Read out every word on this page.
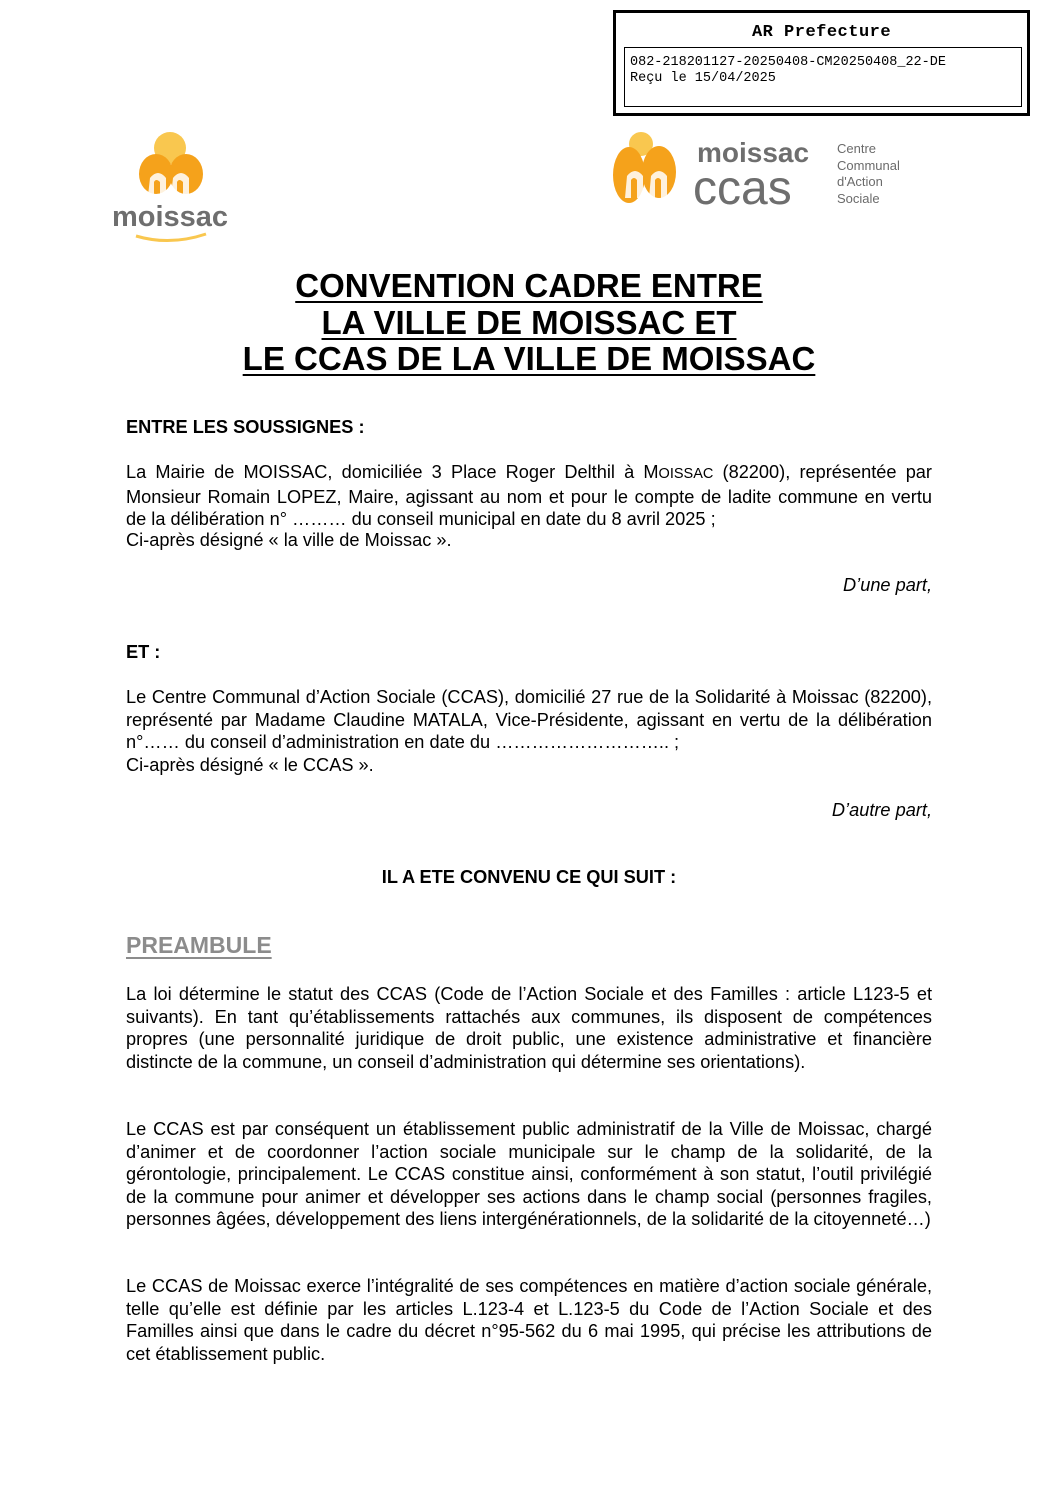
AR Prefecture
082-218201127-20250408-CM20250408_22-DE
Reçu le 15/04/2025
moissac
moissac
ccas
Centre
Communal
d'Action
Sociale
CONVENTION CADRE ENTRE
LA VILLE DE MOISSAC ET
LE CCAS DE LA VILLE DE MOISSAC
ENTRE LES SOUSSIGNES :
La Mairie de MOISSAC, domiciliée 3 Place Roger Delthil à MOISSAC (82200), représentée par Monsieur Romain LOPEZ, Maire, agissant au nom et pour le compte de ladite commune en vertu de la délibération n° ……… du conseil municipal en date du 8 avril 2025 ;
Ci-après désigné « la ville de Moissac ».
D’une part,
ET :
Le Centre Communal d’Action Sociale (CCAS), domicilié 27 rue de la Solidarité à Moissac (82200), représenté par Madame Claudine MATALA, Vice-Présidente, agissant en vertu de la délibération n°…… du conseil d’administration en date du ……………………….. ;
Ci-après désigné « le CCAS ».
D’autre part,
IL A ETE CONVENU CE QUI SUIT :
PREAMBULE
La loi détermine le statut des CCAS (Code de l’Action Sociale et des Familles : article L123-5 et suivants). En tant qu’établissements rattachés aux communes, ils disposent de compétences propres (une personnalité juridique de droit public, une existence administrative et financière distincte de la commune, un conseil d’administration qui détermine ses orientations).
Le CCAS est par conséquent un établissement public administratif de la Ville de Moissac, chargé d’animer et de coordonner l’action sociale municipale sur le champ de la solidarité, de la gérontologie, principalement. Le CCAS constitue ainsi, conformément à son statut, l’outil privilégié de la commune pour animer et développer ses actions dans le champ social (personnes fragiles, personnes âgées, développement des liens intergénérationnels, de la solidarité de la citoyenneté…)
Le CCAS de Moissac exerce l’intégralité de ses compétences en matière d’action sociale générale, telle qu’elle est définie par les articles L.123-4 et L.123-5 du Code de l’Action Sociale et des Familles ainsi que dans le cadre du décret n°95-562 du 6 mai 1995, qui précise les attributions de cet établissement public.
